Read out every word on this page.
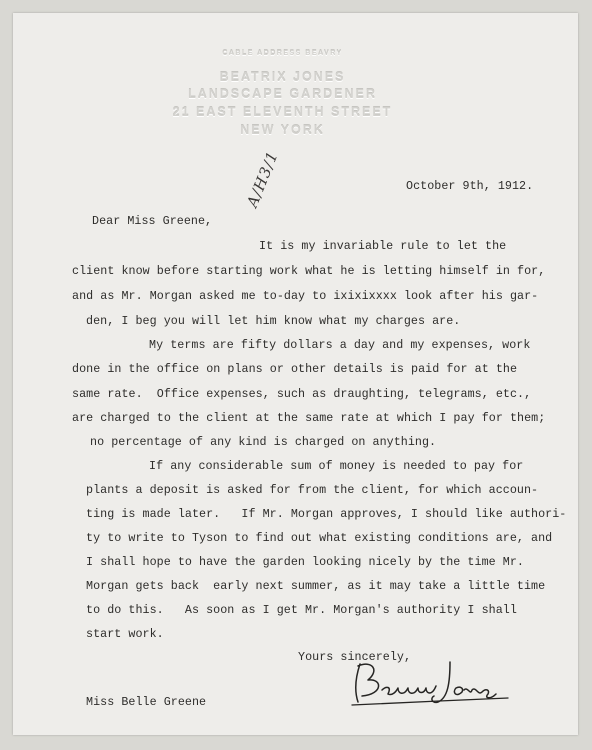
CABLE ADDRESS BEAVRY
BEATRIX JONES
LANDSCAPE GARDENER
21 EAST ELEVENTH STREET
NEW YORK
October 9th, 1912.
Dear Miss Greene,
A/H3/1
It is my invariable rule to let the
client know before starting work what he is letting himself in for,
and as Mr. Morgan asked me to-day to ixixixxxx look after his gar-
den, I beg you will let him know what my charges are.
My terms are fifty dollars a day and my expenses, work
done in the office on plans or other details is paid for at the
same rate.  Office expenses, such as draughting, telegrams, etc.,
are charged to the client at the same rate at which I pay for them;
no percentage of any kind is charged on anything.
If any considerable sum of money is needed to pay for
plants a deposit is asked for from the client, for which accoun-
ting is made later.   If Mr. Morgan approves, I should like authori-
ty to write to Tyson to find out what existing conditions are, and
I shall hope to have the garden looking nicely by the time Mr.
Morgan gets back  early next summer, as it may take a little time
to do this.   As soon as I get Mr. Morgan's authority I shall
start work.
Yours sincerely,
Miss Belle Greene
